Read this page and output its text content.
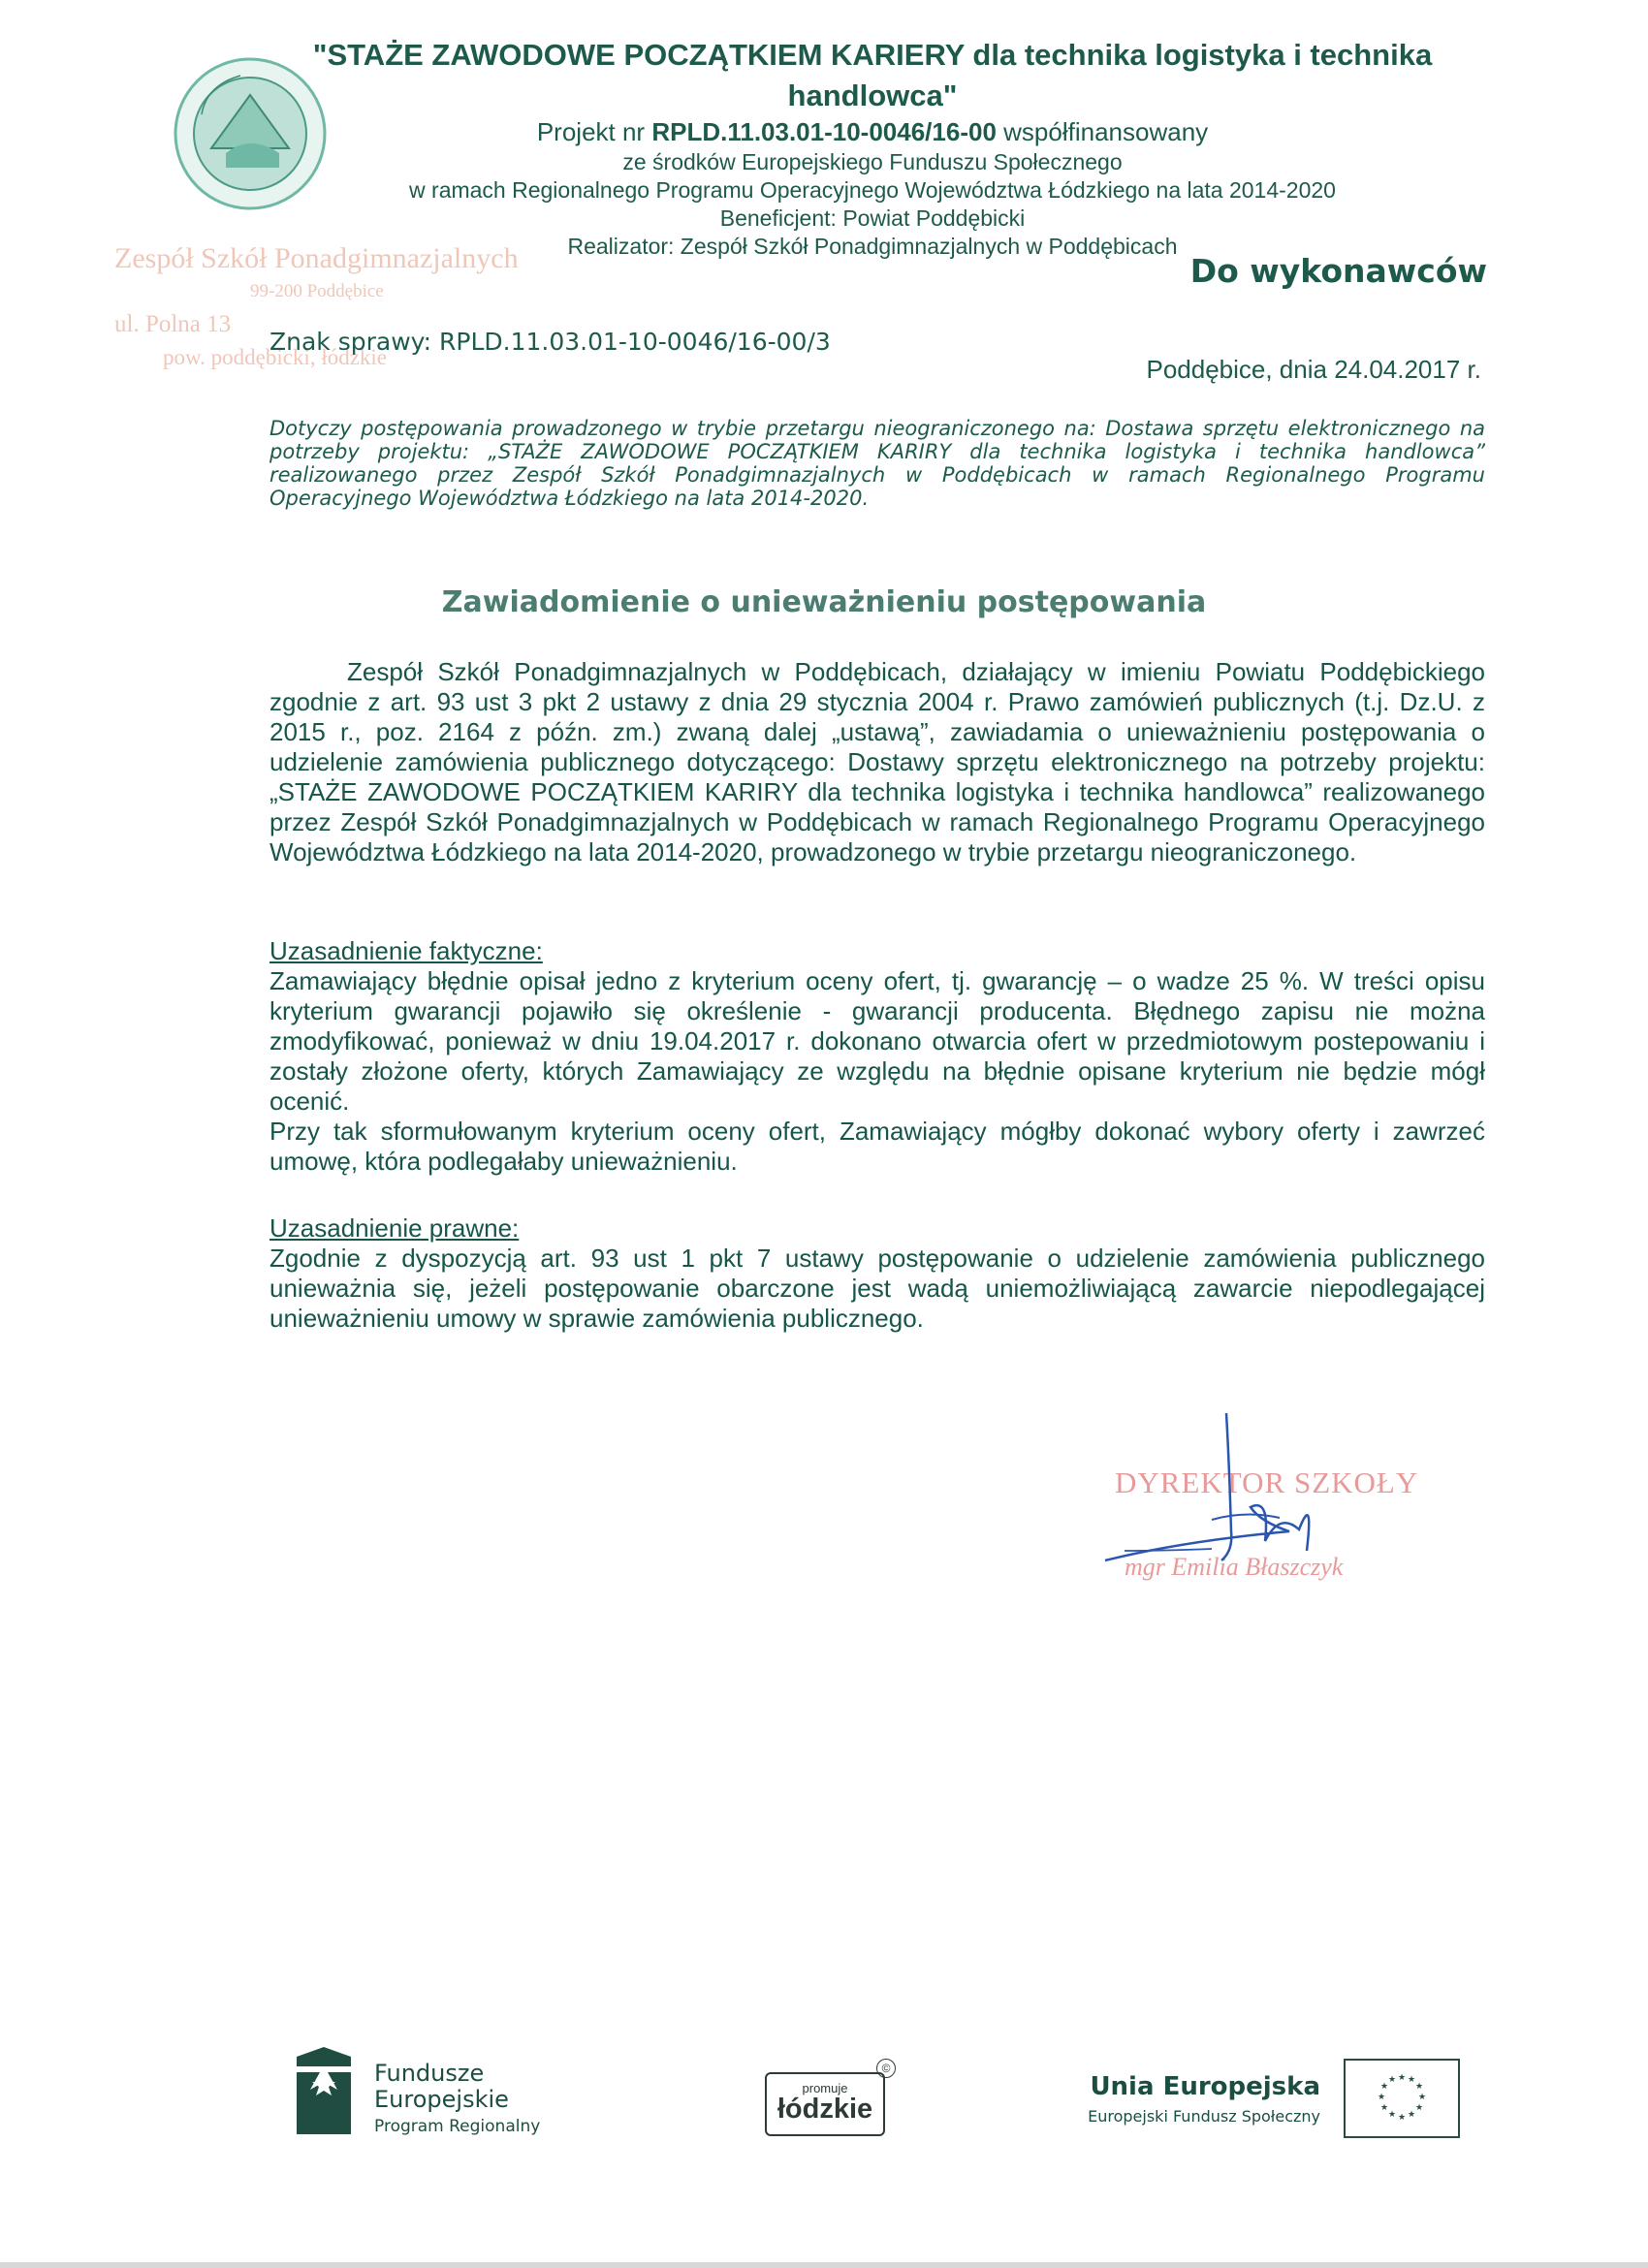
"STAŻE ZAWODOWE POCZĄTKIEM KARIERY dla technika logistyka i technika handlowca"
Projekt nr RPLD.11.03.01-10-0046/16-00 współfinansowany
ze środków Europejskiego Funduszu Społecznego
w ramach Regionalnego Programu Operacyjnego Województwa Łódzkiego na lata 2014-2020
Beneficjent: Powiat Poddębicki
Realizator: Zespół Szkół Ponadgimnazjalnych w Poddębicach
Zespół Szkół Ponadgimnazjalnych
99-200 Poddębice
ul. Polna 13
pow. poddębicki, łódzkie
Do wykonawców
Znak sprawy: RPLD.11.03.01-10-0046/16-00/3
Poddębice, dnia 24.04.2017 r.
Dotyczy postępowania prowadzonego w trybie przetargu nieograniczonego na: Dostawa sprzętu elektronicznego na potrzeby projektu: „STAŻE ZAWODOWE POCZĄTKIEM KARIRY dla technika logistyka i technika handlowca” realizowanego przez Zespół Szkół Ponadgimnazjalnych w Poddębicach w ramach Regionalnego Programu Operacyjnego Województwa Łódzkiego na lata 2014-2020.
Zawiadomienie o unieważnieniu postępowania

Zespół Szkół Ponadgimnazjalnych w Poddębicach, działający w imieniu Powiatu Poddębickiego zgodnie z art. 93 ust 3 pkt 2 ustawy z dnia 29 stycznia 2004 r. Prawo zamówień publicznych (t.j. Dz.U. z 2015 r., poz. 2164 z późn. zm.) zwaną dalej „ustawą”, zawiadamia o unieważnieniu postępowania o udzielenie zamówienia publicznego dotyczącego: Dostawy sprzętu elektronicznego na potrzeby projektu: „STAŻE ZAWODOWE POCZĄTKIEM KARIRY dla technika logistyka i technika handlowca” realizowanego przez Zespół Szkół Ponadgimnazjalnych w Poddębicach w ramach Regionalnego Programu Operacyjnego Województwa Łódzkiego na lata 2014-2020, prowadzonego w trybie przetargu nieograniczonego.

Uzasadnienie faktyczne:

Zamawiający błędnie opisał jedno z kryterium oceny ofert, tj. gwarancję – o wadze 25 %. W treści opisu kryterium gwarancji pojawiło się określenie - gwarancji producenta. Błędnego zapisu nie można zmodyfikować, ponieważ w dniu 19.04.2017 r. dokonano otwarcia ofert w przedmiotowym postepowaniu i zostały złożone oferty, których Zamawiający ze względu na błędnie opisane kryterium nie będzie mógł ocenić.

Przy tak sformułowanym kryterium oceny ofert, Zamawiający mógłby dokonać wybory oferty i zawrzeć umowę, która podlegałaby unieważnieniu.

Uzasadnienie prawne:

Zgodnie z dyspozycją art. 93 ust 1 pkt 7 ustawy postępowanie o udzielenie zamówienia publicznego unieważnia się, jeżeli postępowanie obarczone jest wadą uniemożliwiającą zawarcie niepodlegającej unieważnieniu umowy w sprawie zamówienia publicznego.

DYREKTOR SZKOŁY
mgr Emilia Błaszczyk
Fundusze
Europejskie
Program Regionalny
promuje
łódzkie
©
Unia Europejska
Europejski Fundusz Społeczny
★ ★
★
★
★
★
★
★
★
★
★
★
